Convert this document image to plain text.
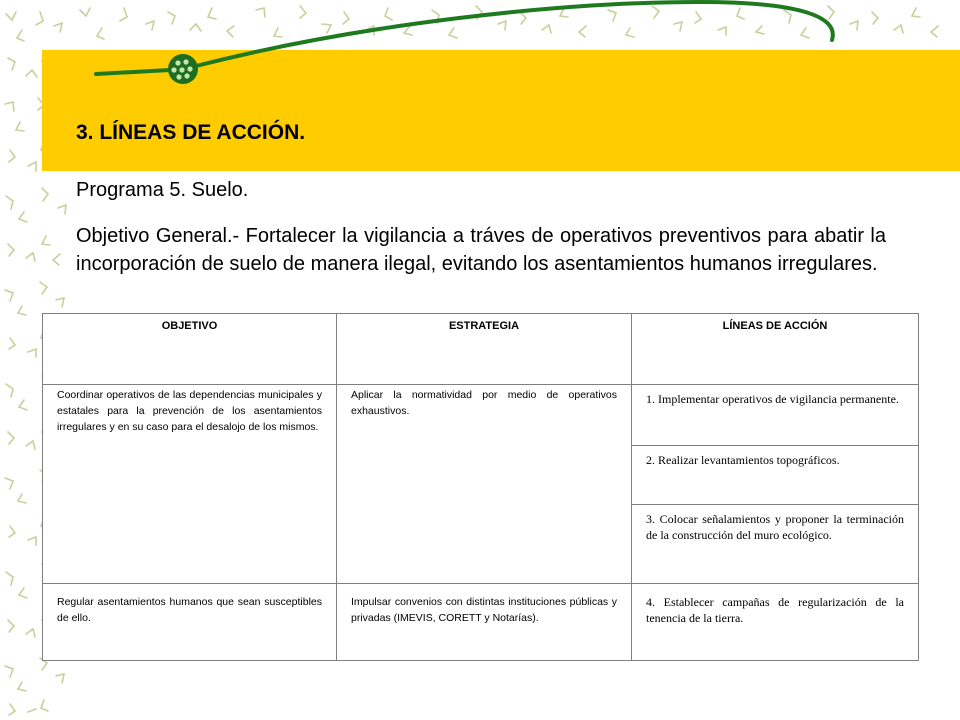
3. LÍNEAS DE ACCIÓN.

Programa 5. Suelo.

Objetivo General.- Fortalecer la vigilancia a tráves de operativos preventivos para abatir la incorporación de suelo de manera ilegal, evitando los asentamientos humanos irregulares.

OBJETIVO	ESTRATEGIA	LÍNEAS DE ACCIÓN
Coordinar operativos de las dependencias municipales y estatales para la prevención de los asentamientos irregulares y en su caso para el desalojo de los mismos.	Aplicar la normatividad por medio de operativos exhaustivos.	1. Implementar operativos de vigilancia permanente.
		2. Realizar levantamientos topográficos.
		3. Colocar señalamientos y proponer la terminación de la construcción del muro ecológico.
Regular asentamientos humanos que sean susceptibles de ello.	Impulsar convenios con distintas instituciones públicas y privadas (IMEVIS, CORETT y Notarías).	4. Establecer campañas de regularización de la tenencia de la tierra.
